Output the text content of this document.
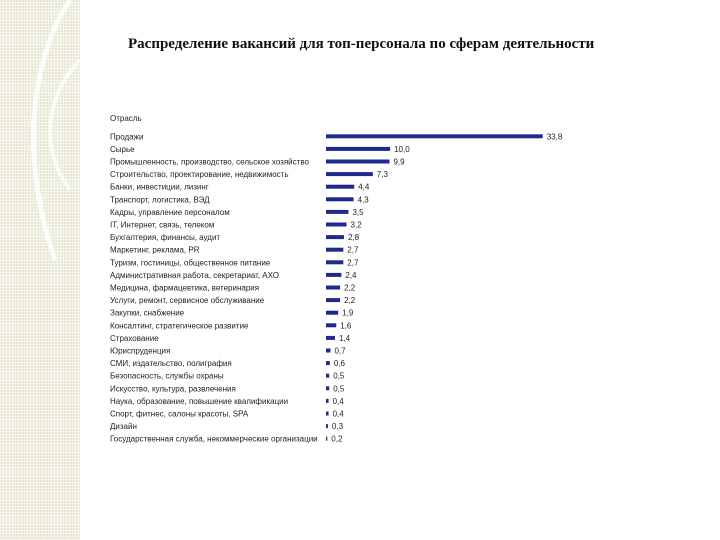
Распределение вакансий для топ-персонала по сферам деятельности
Отрасль
Продажи	33,8
Сырье	10,0
Промышленность, производство, сельское хозяйство	9,9
Строительство, проектирование, недвижимость	7,3
Банки, инвестиции, лизинг	4,4
Транспорт, логистика, ВЭД	4,3
Кадры, управление персоналом	3,5
IT, Интернет, связь, телеком	3,2
Бухгалтерия, финансы, аудит	2,8
Маркетинг, реклама, PR	2,7
Туризм, гостиницы, общественное питание	2,7
Административная работа, секретариат, АХО	2,4
Медицина, фармацевтика, ветеринария	2,2
Услуги, ремонт, сервисное обслуживание	2,2
Закупки, снабжение	1,9
Консалтинг, стратегическое развитие	1,6
Страхование	1,4
Юриспруденция	0,7
СМИ, издательство, полиграфия	0,6
Безопасность, службы охраны	0,5
Искусство, культура, развлечения	0,5
Наука, образование, повышение квалификации	0,4
Спорт, фитнес, салоны красоты, SPA	0,4
Дизайн	0,3
Государственная служба, некоммерческие организации 0,2
